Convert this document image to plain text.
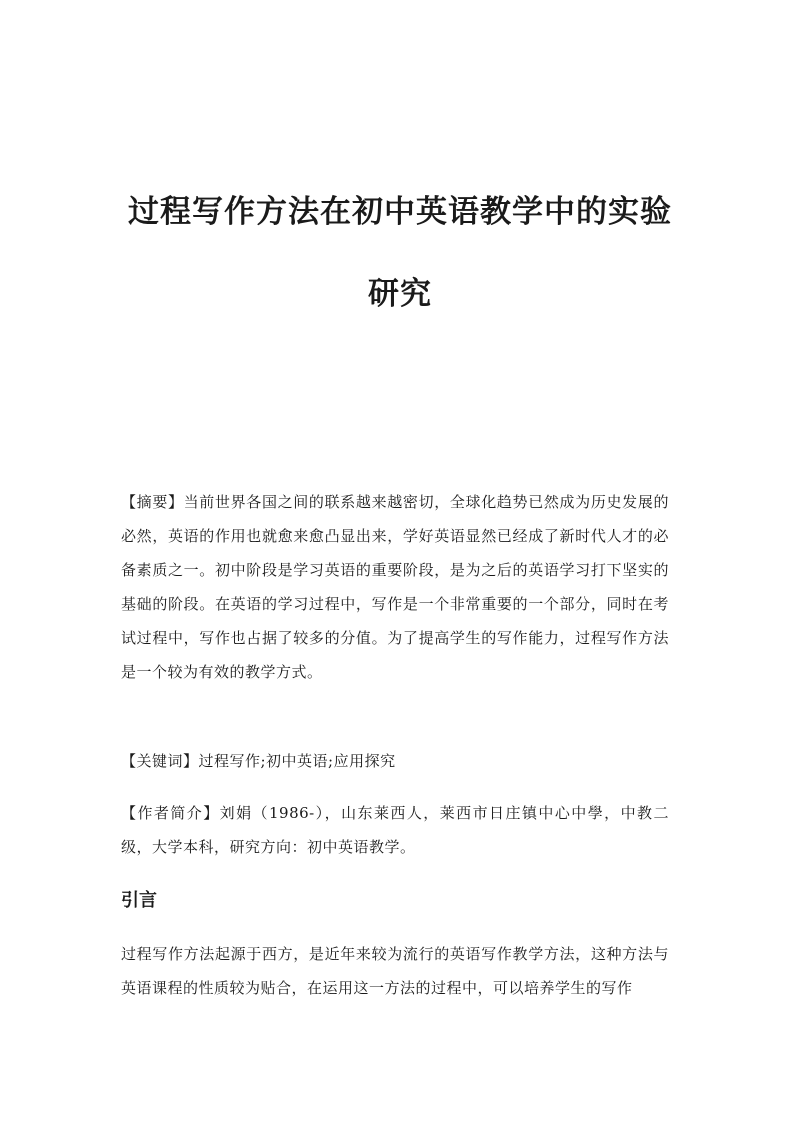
过程写作方法在初中英语教学中的实验
研究
【摘要】当前世界各国之间的联系越来越密切，全球化趋势已然成为历史发展的必然，英语的作用也就愈来愈凸显出来，学好英语显然已经成了新时代人才的必备素质之一。初中阶段是学习英语的重要阶段，是为之后的英语学习打下坚实的基础的阶段。在英语的学习过程中，写作是一个非常重要的一个部分，同时在考试过程中，写作也占据了较多的分值。为了提高学生的写作能力，过程写作方法是一个较为有效的教学方式。
【关键词】过程写作;初中英语;应用探究
【作者简介】刘娟（1986-），山东莱西人，莱西市日庄镇中心中學，中教二级，大学本科，研究方向：初中英语教学。
引言
过程写作方法起源于西方，是近年来较为流行的英语写作教学方法，这种方法与英语课程的性质较为贴合，在运用这一方法的过程中，可以培养学生的写作
